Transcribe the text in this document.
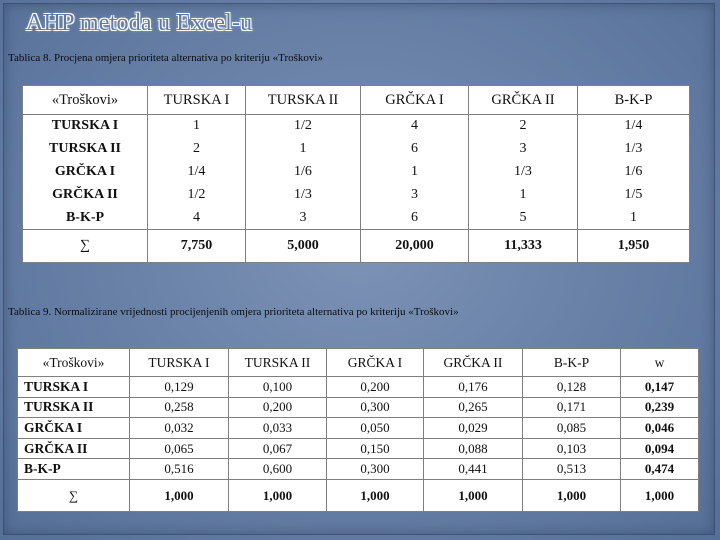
AHP metoda u Excel-u

Tablica 8. Procjena omjera prioriteta alternativa po kriteriju «Troškovi»

«Troškovi»	TURSKA I	TURSKA II	GRČKA I	GRČKA II	B-K-P
TURSKA I	1	1/2	4	2	1/4
TURSKA II	2	1	6	3	1/3
GRČKA I	1/4	1/6	1	1/3	1/6
GRČKA II	1/2	1/3	3	1	1/5
B-K-P	4	3	6	5	1
∑	7,750	5,000	20,000	11,333	1,950

Tablica 9. Normalizirane vrijednosti procijenjenih omjera prioriteta alternativa po kriteriju «Troškovi»

«Troškovi»	TURSKA I	TURSKA II	GRČKA I	GRČKA II	B-K-P	w
TURSKA I	0,129	0,100	0,200	0,176	0,128	0,147
TURSKA II	0,258	0,200	0,300	0,265	0,171	0,239
GRČKA I	0,032	0,033	0,050	0,029	0,085	0,046
GRČKA II	0,065	0,067	0,150	0,088	0,103	0,094
B-K-P	0,516	0,600	0,300	0,441	0,513	0,474
∑	1,000	1,000	1,000	1,000	1,000	1,000
